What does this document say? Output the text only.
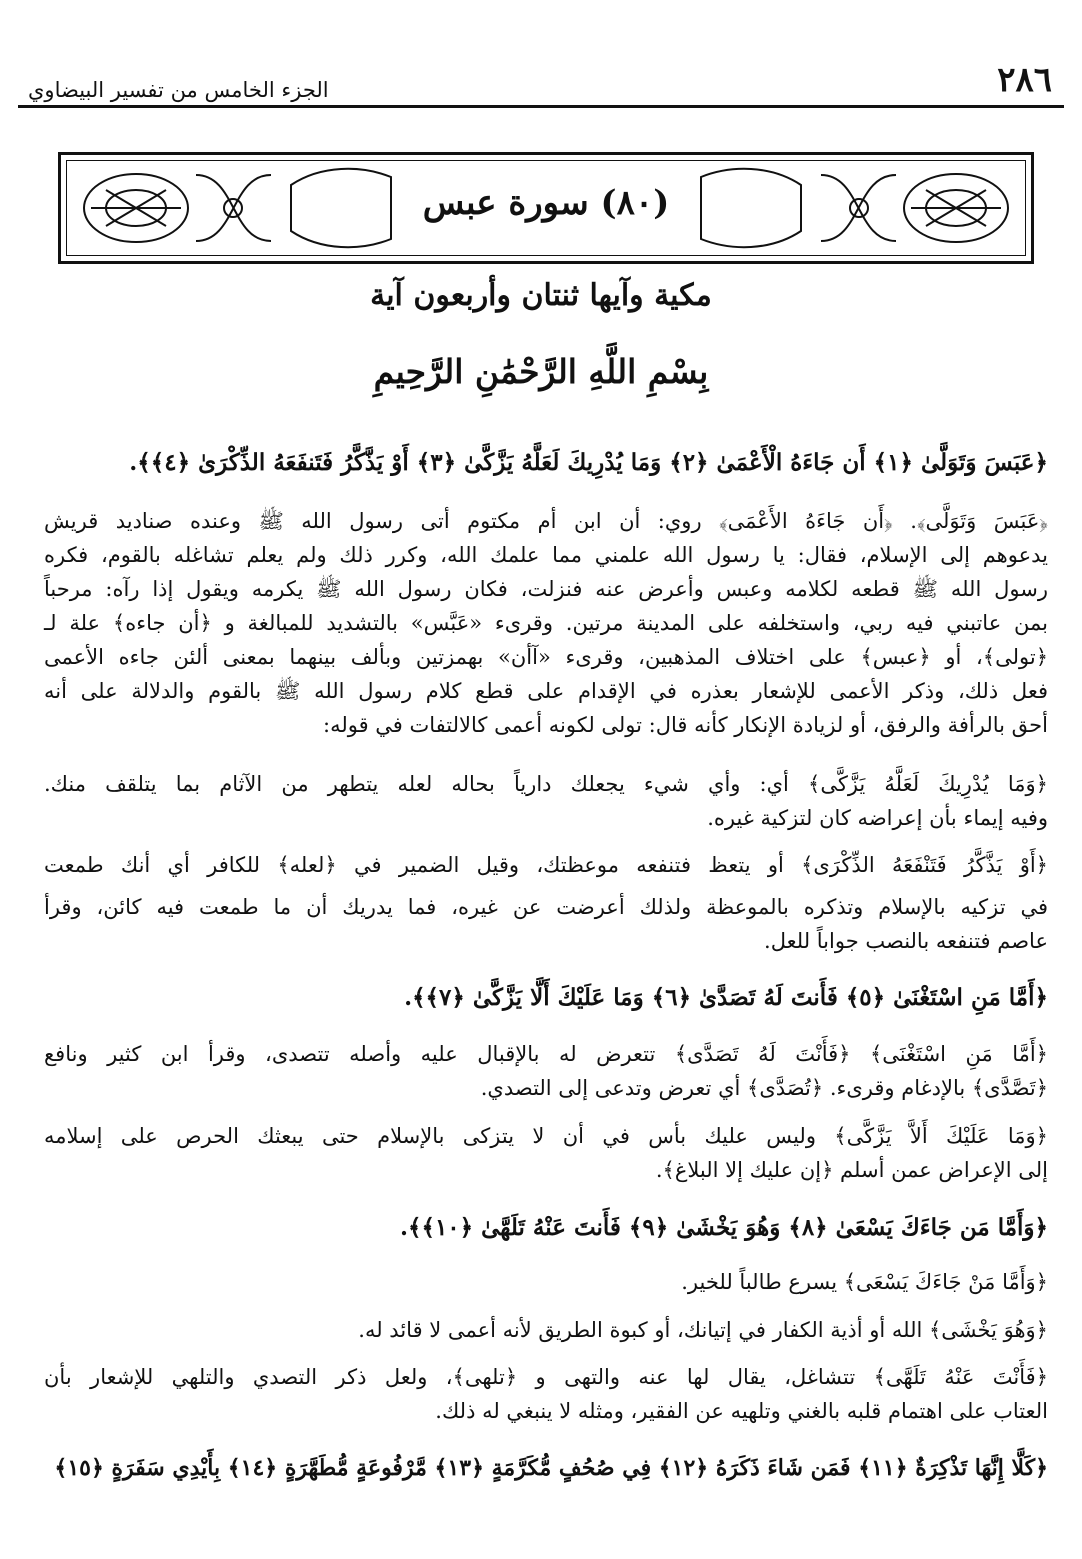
٢٨٦
الجزء الخامس من تفسير البيضاوي
(٨٠) سورة عبس
مكية وآيها ثنتان وأربعون آية
بِسْمِ اللَّهِ الرَّحْمَٰنِ الرَّحِيمِ
﴿عَبَسَ وَتَوَلَّىٰ ﴿١﴾ أَن جَاءَهُ الْأَعْمَىٰ ﴿٢﴾ وَمَا يُدْرِيكَ لَعَلَّهُ يَزَّكَّىٰ ﴿٣﴾ أَوْ يَذَّكَّرُ فَتَنفَعَهُ الذِّكْرَىٰ ﴿٤﴾﴾.
﴿عَبَسَ وَتَوَلَّى﴾. ﴿أَن جَاءَهُ الأَعْمَى﴾ روي: أن ابن أم مكتوم أتى رسول الله ﷺ وعنده صناديد قريش
يدعوهم إلى الإسلام، فقال: يا رسول الله علمني مما علمك الله، وكرر ذلك ولم يعلم تشاغله بالقوم، فكره
رسول الله ﷺ قطعه لكلامه وعبس وأعرض عنه فنزلت، فكان رسول الله ﷺ يكرمه ويقول إذا رآه: مرحباً
بمن عاتبني فيه ربي، واستخلفه على المدينة مرتين. وقرىء «عَبَّس» بالتشديد للمبالغة و ﴿أن جاءه﴾ علة لـ
﴿تولى﴾، أو ﴿عبس﴾ على اختلاف المذهبين، وقرىء «آأن» بهمزتين وبألف بينهما بمعنى ألئن جاءه الأعمى
فعل ذلك، وذكر الأعمى للإشعار بعذره في الإقدام على قطع كلام رسول الله ﷺ بالقوم والدلالة على أنه
أحق بالرأفة والرفق، أو لزيادة الإنكار كأنه قال: تولى لكونه أعمى كالالتفات في قوله:
﴿وَمَا يُدْرِيكَ لَعَلَّهُ يَزَّكَّى﴾ أي: وأي شيء يجعلك دارياً بحاله لعله يتطهر من الآثام بما يتلقف منك.
وفيه إيماء بأن إعراضه كان لتزكية غيره.
﴿أَوْ يَذَّكَّرُ فَتَنْفَعَهُ الذِّكْرَى﴾ أو يتعظ فتنفعه موعظتك، وقيل الضمير في ﴿لعله﴾ للكافر أي أنك طمعت
في تزكيه بالإسلام وتذكره بالموعظة ولذلك أعرضت عن غيره، فما يدريك أن ما طمعت فيه كائن، وقرأ
عاصم فتنفعه بالنصب جواباً للعل.
﴿أَمَّا مَنِ اسْتَغْنَىٰ ﴿٥﴾ فَأَنتَ لَهُ تَصَدَّىٰ ﴿٦﴾ وَمَا عَلَيْكَ أَلَّا يَزَّكَّىٰ ﴿٧﴾﴾.
﴿أَمَّا مَنِ اسْتَغْنَى﴾ ﴿فَأَنْتَ لَهُ تَصَدَّى﴾ تتعرض له بالإقبال عليه وأصله تتصدى، وقرأ ابن كثير ونافع
﴿تَصَّدَّى﴾ بالإدغام وقرىء. ﴿تُصَدَّى﴾ أي تعرض وتدعى إلى التصدي.
﴿وَمَا عَلَيْكَ أَلاَّ يَزَّكَّى﴾ وليس عليك بأس في أن لا يتزكى بالإسلام حتى يبعثك الحرص على إسلامه
إلى الإعراض عمن أسلم ﴿إن عليك إلا البلاغ﴾.
﴿وَأَمَّا مَن جَاءَكَ يَسْعَىٰ ﴿٨﴾ وَهُوَ يَخْشَىٰ ﴿٩﴾ فَأَنتَ عَنْهُ تَلَهَّىٰ ﴿١٠﴾﴾.
﴿وَأَمَّا مَنْ جَاءَكَ يَسْعَى﴾ يسرع طالباً للخير.
﴿وَهُوَ يَخْشَى﴾ الله أو أذية الكفار في إتيانك، أو كبوة الطريق لأنه أعمى لا قائد له.
﴿فَأَنْتَ عَنْهُ تَلَهَّى﴾ تتشاغل، يقال لها عنه والتهى و ﴿تلهى﴾، ولعل ذكر التصدي والتلهي للإشعار بأن
العتاب على اهتمام قلبه بالغني وتلهيه عن الفقير، ومثله لا ينبغي له ذلك.
﴿كَلَّا إِنَّهَا تَذْكِرَةٌ ﴿١١﴾ فَمَن شَاءَ ذَكَرَهُ ﴿١٢﴾ فِي صُحُفٍ مُّكَرَّمَةٍ ﴿١٣﴾ مَّرْفُوعَةٍ مُّطَهَّرَةٍ ﴿١٤﴾ بِأَيْدِي سَفَرَةٍ ﴿١٥﴾
